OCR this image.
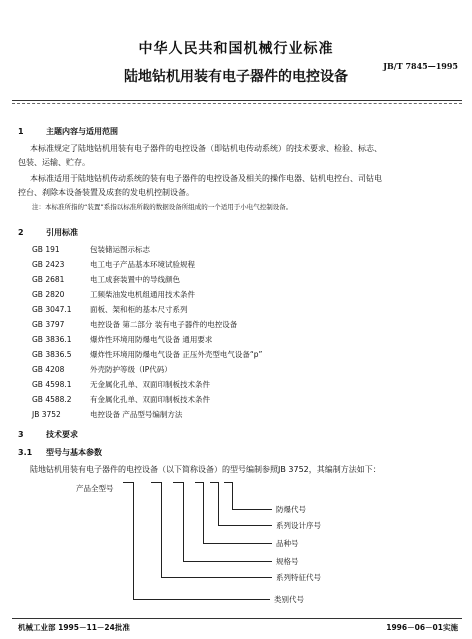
中华人民共和国机械行业标准
JB/T 7845—1995
陆地钻机用装有电子器件的电控设备
1	主题内容与适用范围
本标准规定了陆地钻机用装有电子器件的电控设备（即钻机电传动系统）的技术要求、检验、标志、
包装、运输、贮存。
本标准适用于陆地钻机传动系统的装有电子器件的电控设备及相关的操作电器、钻机电控台、司钻电
控台、刹除本设备装置及成套的发电机控制设备。
注：本标准所指的“装置”系指以标准所载的数据设备所组成的一个适用于小电气控制设备。
2	引用标准
GB 191	包装储运图示标志
GB 2423	电工电子产品基本环境试验规程
GB 2681	电工成套装置中的导线颜色
GB 2820	工频柴油发电机组通用技术条件
GB 3047.1 面板、架和柜的基本尺寸系列
GB 3797	电控设备 第二部分 装有电子器件的电控设备
GB 3836.1 爆炸性环境用防爆电气设备 通用要求
GB 3836.5 爆炸性环境用防爆电气设备 正压外壳型电气设备“p”
GB 4208	外壳防护等级（IP代码）
GB 4598.1 无金属化孔单、双面印制板技术条件
GB 4588.2 有金属化孔单、双面印制板技术条件
JB 3752	电控设备 产品型号编制方法
3	技术要求
3.1 型号与基本参数
陆地钻机用装有电子器件的电控设备（以下简称设备）的型号编制参照JB 3752，其编制方法如下：
产品全型号
防爆代号
系列设计序号
品种号
规格号
系列特征代号
类别代号
机械工业部 1995－11－24批准	1996－06－01实施
